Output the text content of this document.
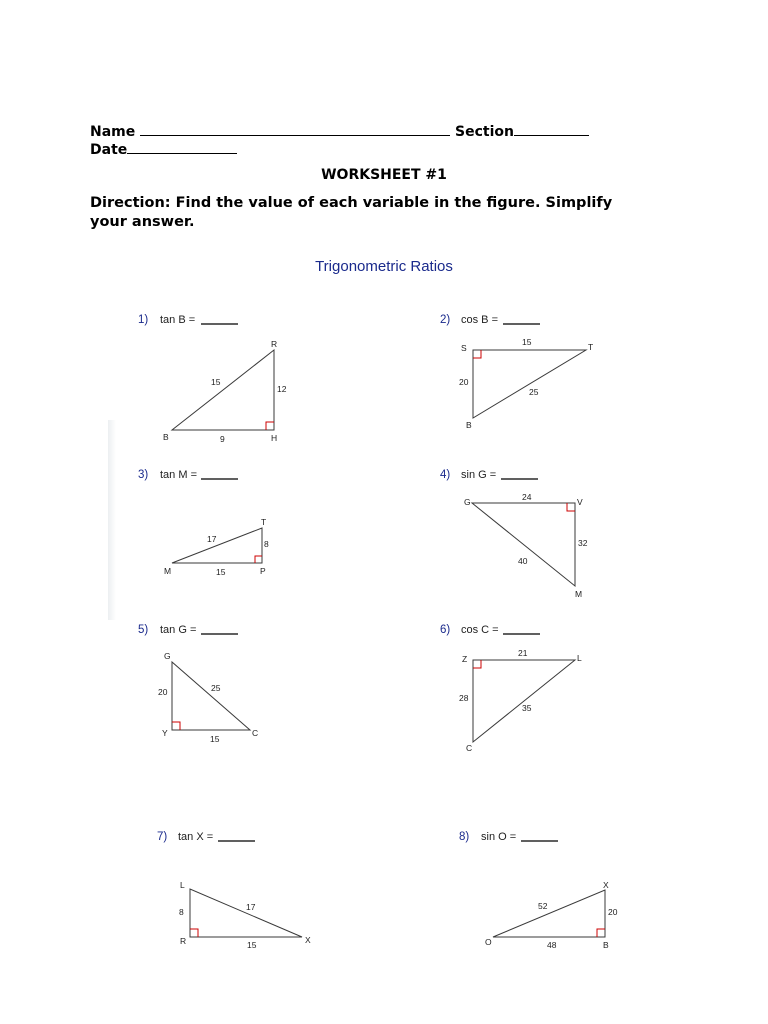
Name	Section
Date
WORKSHEET #1
Direction: Find the value of each variable in the figure. Simplify your answer.
Trigonometric Ratios
1) tan B =
B	H
R
15
12
9
2) cos B =
S	T
B
15
20
25
3) tan M =
M	P
T
17	8
15
4) sin G =
G	V
M
24
32
40
5) tan G =
G
Y	C
20	25
15
6) cos C =
Z	L
C
21
28
35
7) tan X =
L
R	X
8	17
15
8) sin O =
X
O	B
52
20
48
